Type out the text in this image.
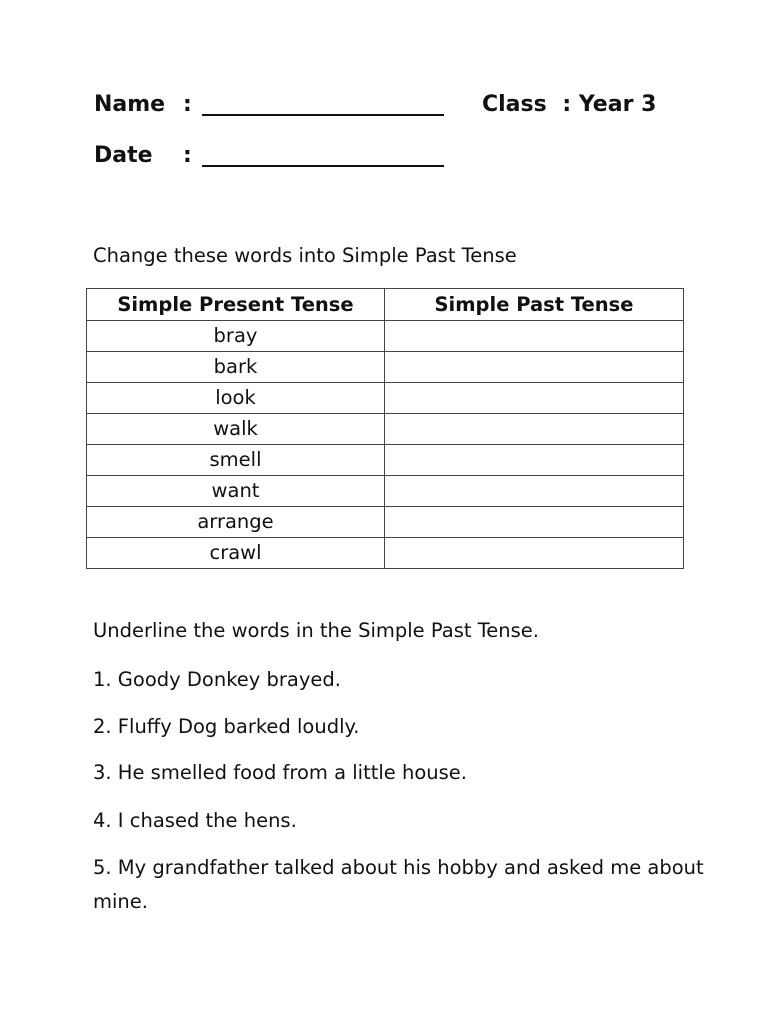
Name :	Class : Year 3
Date :
Change these words into Simple Past Tense
Simple Present Tense	Simple Past Tense
bray	
bark	
look	
walk	
smell	
want	
arrange	
crawl	
Underline the words in the Simple Past Tense.
1. Goody Donkey brayed.
2. Fluffy Dog barked loudly.
3. He smelled food from a little house.
4. I chased the hens.
5. My grandfather talked about his hobby and asked me about mine.
